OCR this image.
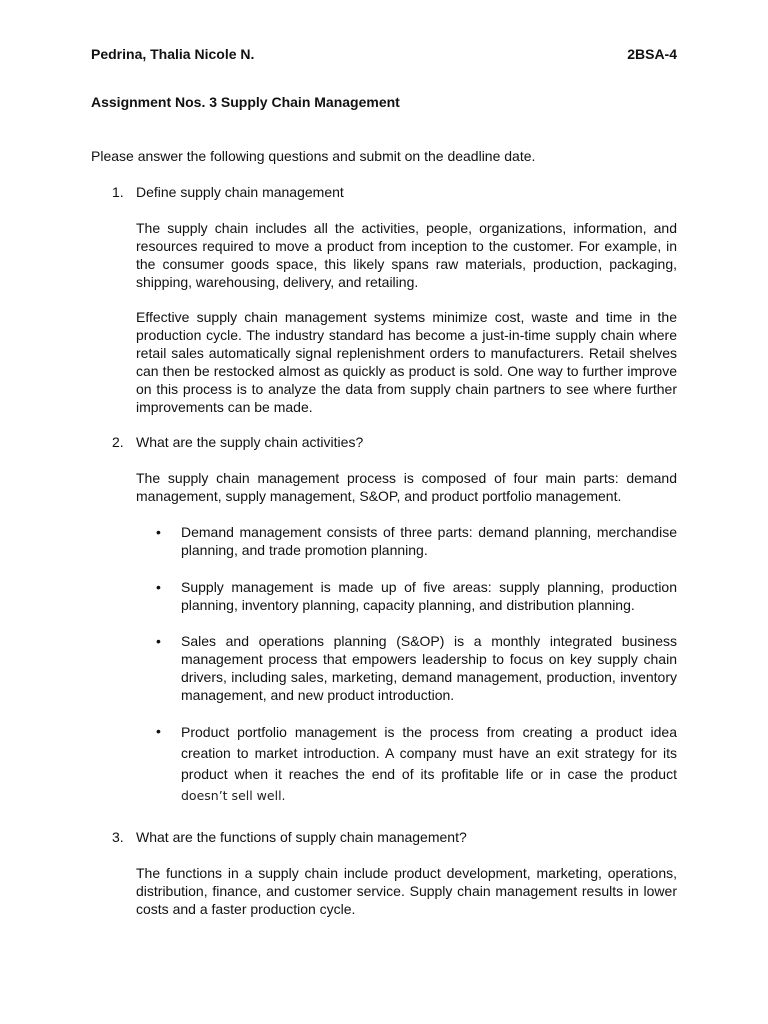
Pedrina, Thalia Nicole N.	2BSA-4
Assignment Nos. 3 Supply Chain Management
Please answer the following questions and submit on the deadline date.
1. Define supply chain management
The supply chain includes all the activities, people, organizations, information, and resources required to move a product from inception to the customer. For example, in the consumer goods space, this likely spans raw materials, production, packaging, shipping, warehousing, delivery, and retailing.
Effective supply chain management systems minimize cost, waste and time in the production cycle. The industry standard has become a just-in-time supply chain where retail sales automatically signal replenishment orders to manufacturers. Retail shelves can then be restocked almost as quickly as product is sold. One way to further improve on this process is to analyze the data from supply chain partners to see where further improvements can be made.
2. What are the supply chain activities?
The supply chain management process is composed of four main parts: demand management, supply management, S&OP, and product portfolio management.
•	Demand management consists of three parts: demand planning, merchandise planning, and trade promotion planning.
•	Supply management is made up of five areas: supply planning, production planning, inventory planning, capacity planning, and distribution planning.
•	Sales and operations planning (S&OP) is a monthly integrated business management process that empowers leadership to focus on key supply chain drivers, including sales, marketing, demand management, production, inventory management, and new product introduction.
•	Product portfolio management is the process from creating a product idea creation to market introduction. A company must have an exit strategy for its product when it reaches the end of its profitable life or in case the product doesn’t sell well.
3. What are the functions of supply chain management?
The functions in a supply chain include product development, marketing, operations, distribution, finance, and customer service. Supply chain management results in lower costs and a faster production cycle.
